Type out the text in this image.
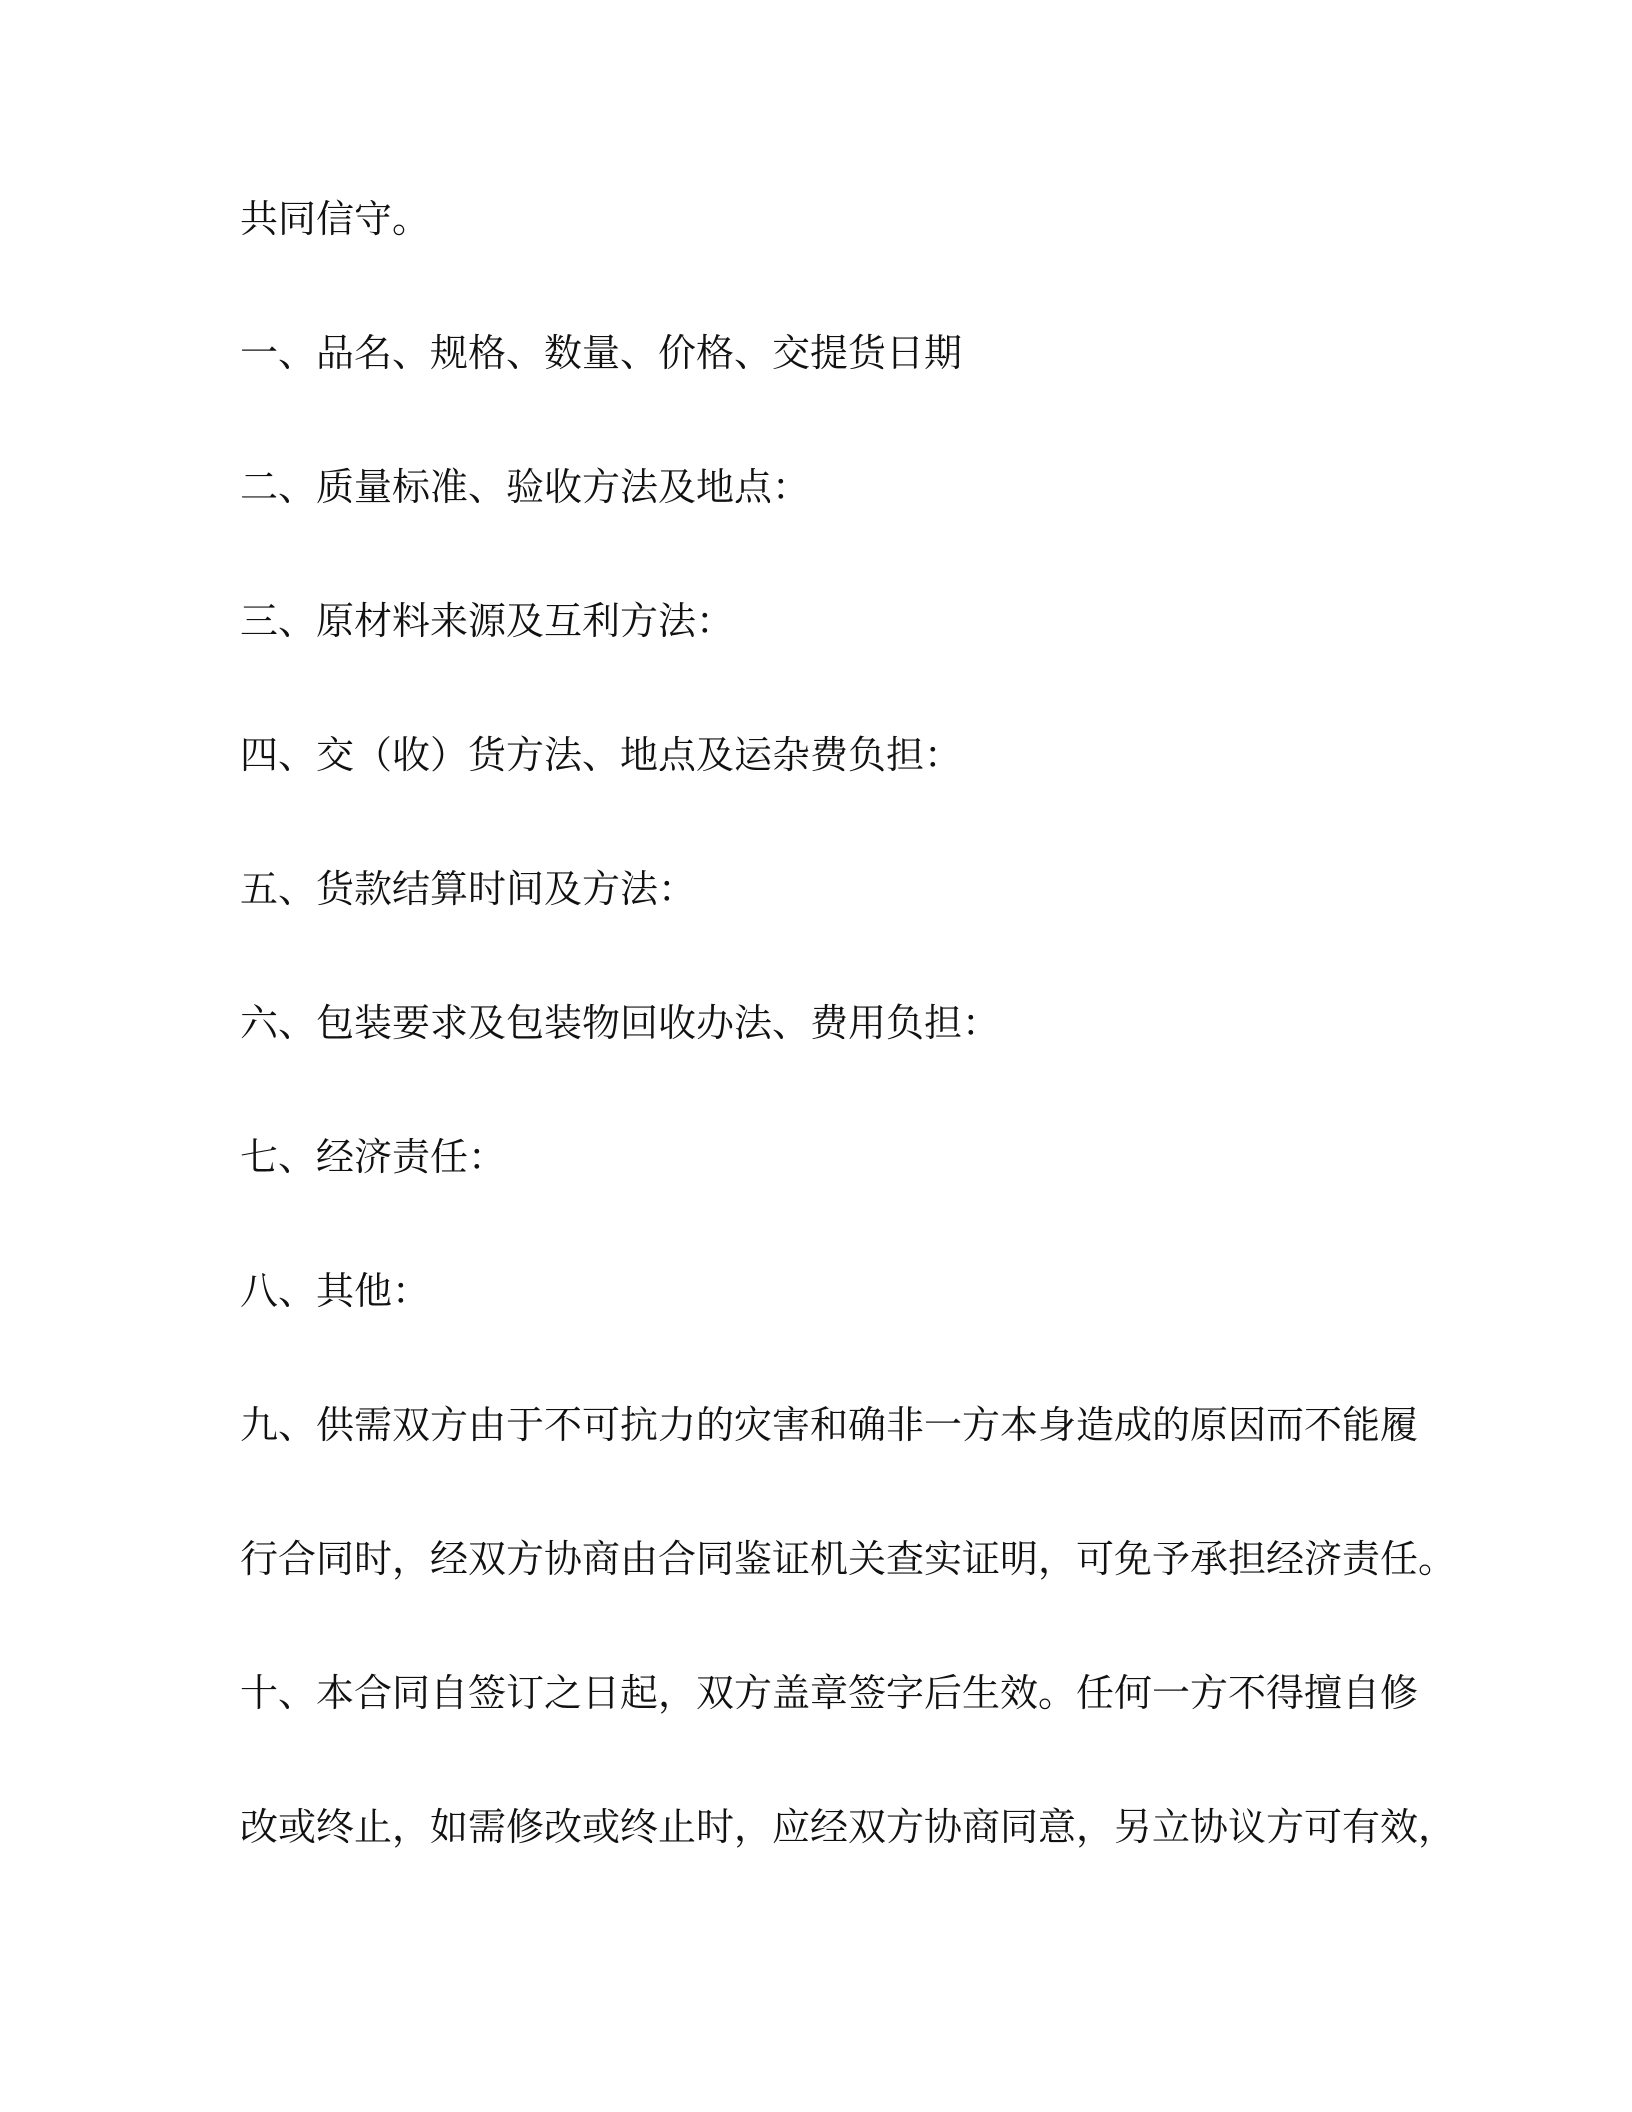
共同信守。
一、品名、规格、数量、价格、交提货日期
二、质量标准、验收方法及地点：
三、原材料来源及互利方法：
四、交（收）货方法、地点及运杂费负担：
五、货款结算时间及方法：
六、包装要求及包装物回收办法、费用负担：
七、经济责任：
八、其他：
九、供需双方由于不可抗力的灾害和确非一方本身造成的原因而不能履
行合同时，经双方协商由合同鉴证机关查实证明，可免予承担经济责任。
十、本合同自签订之日起，双方盖章签字后生效。任何一方不得擅自修
改或终止，如需修改或终止时，应经双方协商同意，另立协议方可有效，
